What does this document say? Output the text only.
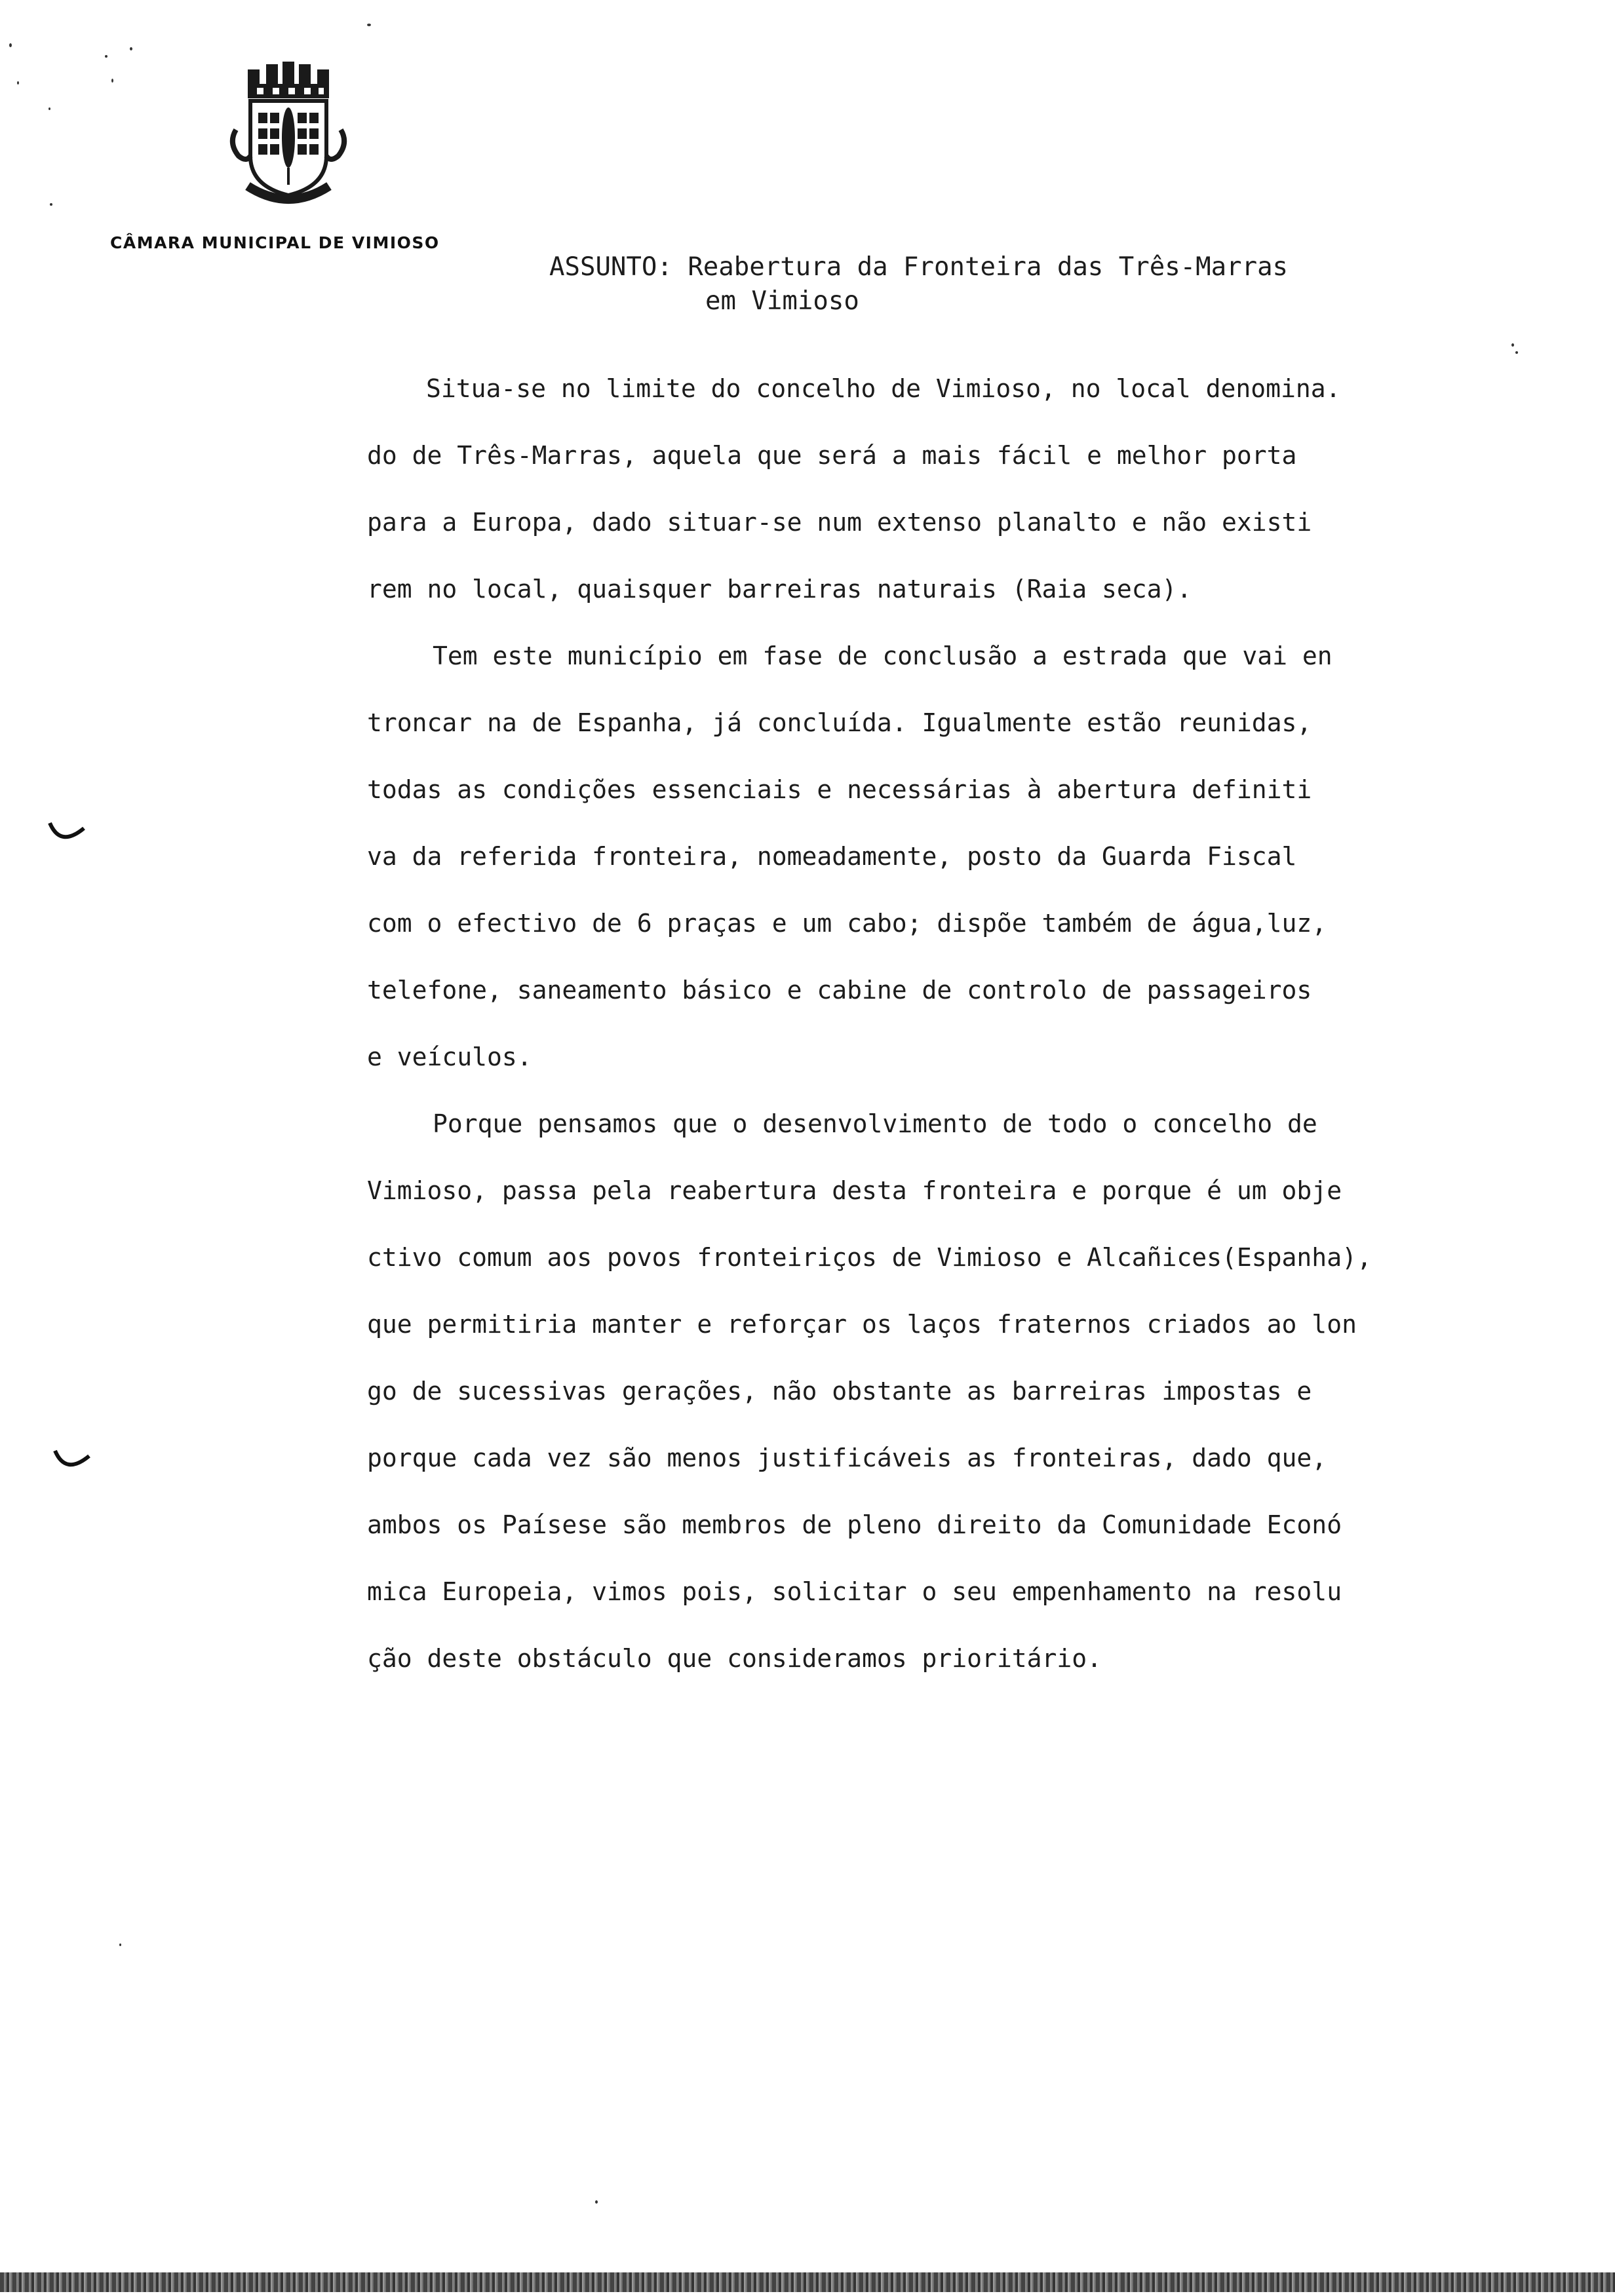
CÂMARA MUNICIPAL DE VIMIOSO
ASSUNTO: Reabertura da Fronteira das Três-Marras
em Vimioso
Situa-se no limite do concelho de Vimioso, no local denomina.
do de Três-Marras, aquela que será a mais fácil e melhor porta
para a Europa, dado situar-se num extenso planalto e não existi
rem no local, quaisquer barreiras naturais (Raia seca).
Tem este município em fase de conclusão a estrada que vai en
troncar na de Espanha, já concluída. Igualmente estão reunidas,
todas as condições essenciais e necessárias à abertura definiti
va da referida fronteira, nomeadamente, posto da Guarda Fiscal
com o efectivo de 6 praças e um cabo; dispõe também de água,luz,
telefone, saneamento básico e cabine de controlo de passageiros
e veículos.
Porque pensamos que o desenvolvimento de todo o concelho de
Vimioso, passa pela reabertura desta fronteira e porque é um obje
ctivo comum aos povos fronteiriços de Vimioso e Alcañices(Espanha),
que permitiria manter e reforçar os laços fraternos criados ao lon
go de sucessivas gerações, não obstante as barreiras impostas e
porque cada vez são menos justificáveis as fronteiras, dado que,
ambos os Paísese são membros de pleno direito da Comunidade Econó
mica Europeia, vimos pois, solicitar o seu empenhamento na resolu
ção deste obstáculo que consideramos prioritário.
